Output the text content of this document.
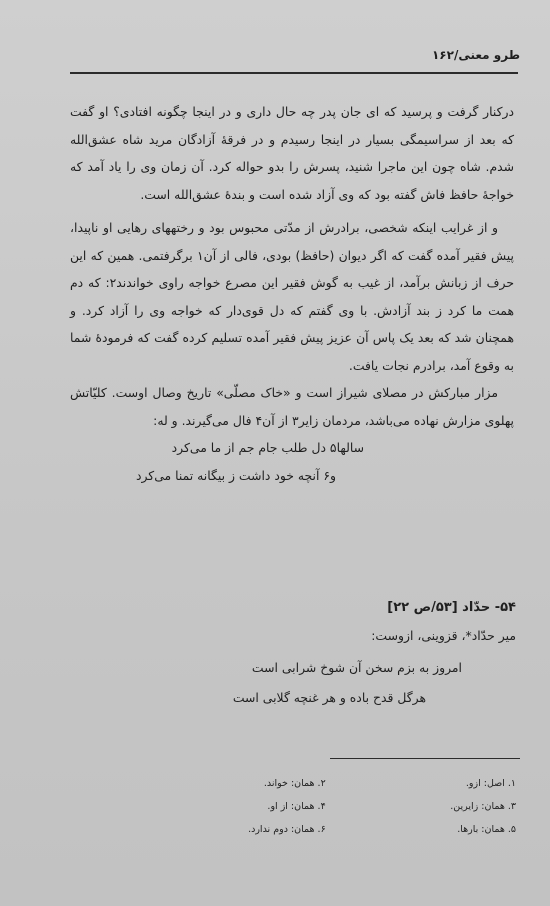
طرو معنی/۱۶۲

درکنار گرفت و پرسید که ای جان پدر چه حال داری و در اینجا چگونه افتادی؟ او گفت که بعد از سراسیمگی بسیار در اینجا رسیدم و در فرقهٔ آزادگان مرید شاه عشق‌الله شدم. شاه چون این ماجرا شنید، پسرش را بدو حواله کرد. آن زمان وی را یاد آمد که خواجهٔ حافظ فاش گفته بود که وی آزاد شده است و بندهٔ عشق‌الله است.

و از غرایب اینکه شخصی، برادرش از مدّتی محبوس بود و رختههای رهایی او ناپیدا، پیش فقیر آمده گفت که اگر دیوان (حافظ) بودی، فالی از آن۱ برگرفتمی. همین که این حرف از زبانش برآمد، از غیب به گوش فقیر این مصرع خواجه راوی خواندند۲: که دم همت ما کرد ز بند آزادش. با وی گفتم که دل قوی‌دار که خواجه وی را آزاد کرد. و همچنان شد که بعد یک پاس آن عزیز پیش فقیر آمده تسلیم کرده گفت که فرمودهٔ شما به وقوع آمد، برادرم نجات یافت.

مزار مبارکش در مصلای شیراز است و «خاک مصلّی» تاریخ وصال اوست. کلیّاتش پهلوی مزارش نهاده می‌باشد، مردمان زایر۳ از آن۴ فال می‌گیرند. و له:

سالها۵ دل طلب جام جم از ما می‌کرد

و۶ آنچه خود داشت ز بیگانه تمنا می‌کرد

۵۴- حدّاد [۵۳/ص ۲۲]
میر حدّاد*، قزوینی، ازوست:
امروز به بزم سخن آن شوخ شرابی است
هرگل قدح باده و هر غنچه گلابی است
۱. اصل: ازو.
۲. همان: خواند.
۳. همان: زایرین.
۴. همان: از او.
۵. همان: بارها.
۶. همان: دوم ندارد.
